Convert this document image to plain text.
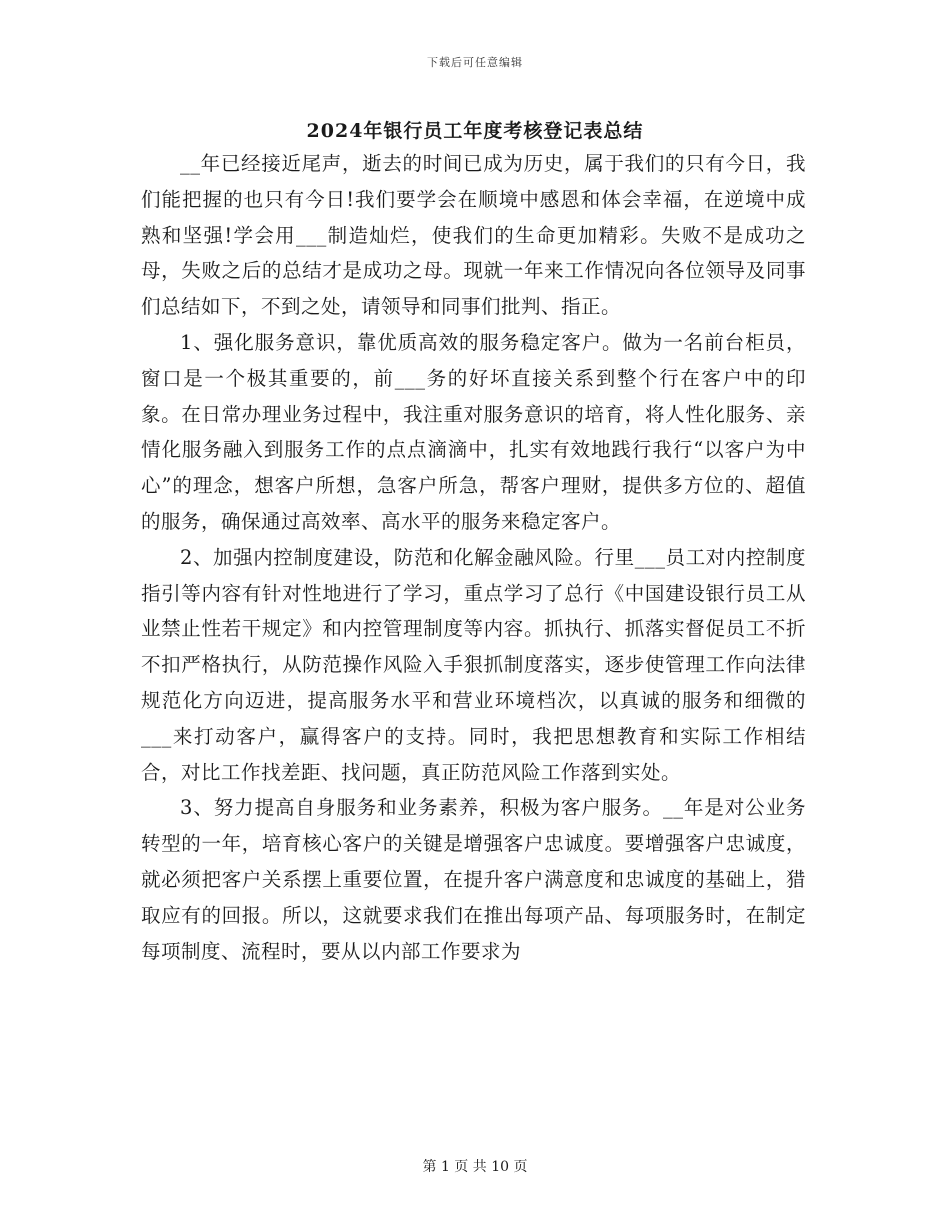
下载后可任意编辑
2024年银行员工年度考核登记表总结

__年已经接近尾声，逝去的时间已成为历史，属于我们的只有今日，我们能把握的也只有今日!我们要学会在顺境中感恩和体会幸福，在逆境中成熟和坚强!学会用___制造灿烂，使我们的生命更加精彩。失败不是成功之母，失败之后的总结才是成功之母。现就一年来工作情况向各位领导及同事们总结如下，不到之处，请领导和同事们批判、指正。

1、强化服务意识，靠优质高效的服务稳定客户。做为一名前台柜员，窗口是一个极其重要的，前___务的好坏直接关系到整个行在客户中的印象。在日常办理业务过程中，我注重对服务意识的培育，将人性化服务、亲情化服务融入到服务工作的点点滴滴中，扎实有效地践行我行“以客户为中心”的理念，想客户所想，急客户所急，帮客户理财，提供多方位的、超值的服务，确保通过高效率、高水平的服务来稳定客户。

2、加强内控制度建设，防范和化解金融风险。行里___员工对内控制度指引等内容有针对性地进行了学习，重点学习了总行《中国建设银行员工从业禁止性若干规定》和内控管理制度等内容。抓执行、抓落实督促员工不折不扣严格执行，从防范操作风险入手狠抓制度落实，逐步使管理工作向法律规范化方向迈进，提高服务水平和营业环境档次，以真诚的服务和细微的___来打动客户，赢得客户的支持。同时，我把思想教育和实际工作相结合，对比工作找差距、找问题，真正防范风险工作落到实处。

3、努力提高自身服务和业务素养，积极为客户服务。__年是对公业务转型的一年，培育核心客户的关键是增强客户忠诚度。要增强客户忠诚度，就必须把客户关系摆上重要位置，在提升客户满意度和忠诚度的基础上，猎取应有的回报。所以，这就要求我们在推出每项产品、每项服务时，在制定每项制度、流程时，要从以内部工作要求为

第 1 页 共 10 页
